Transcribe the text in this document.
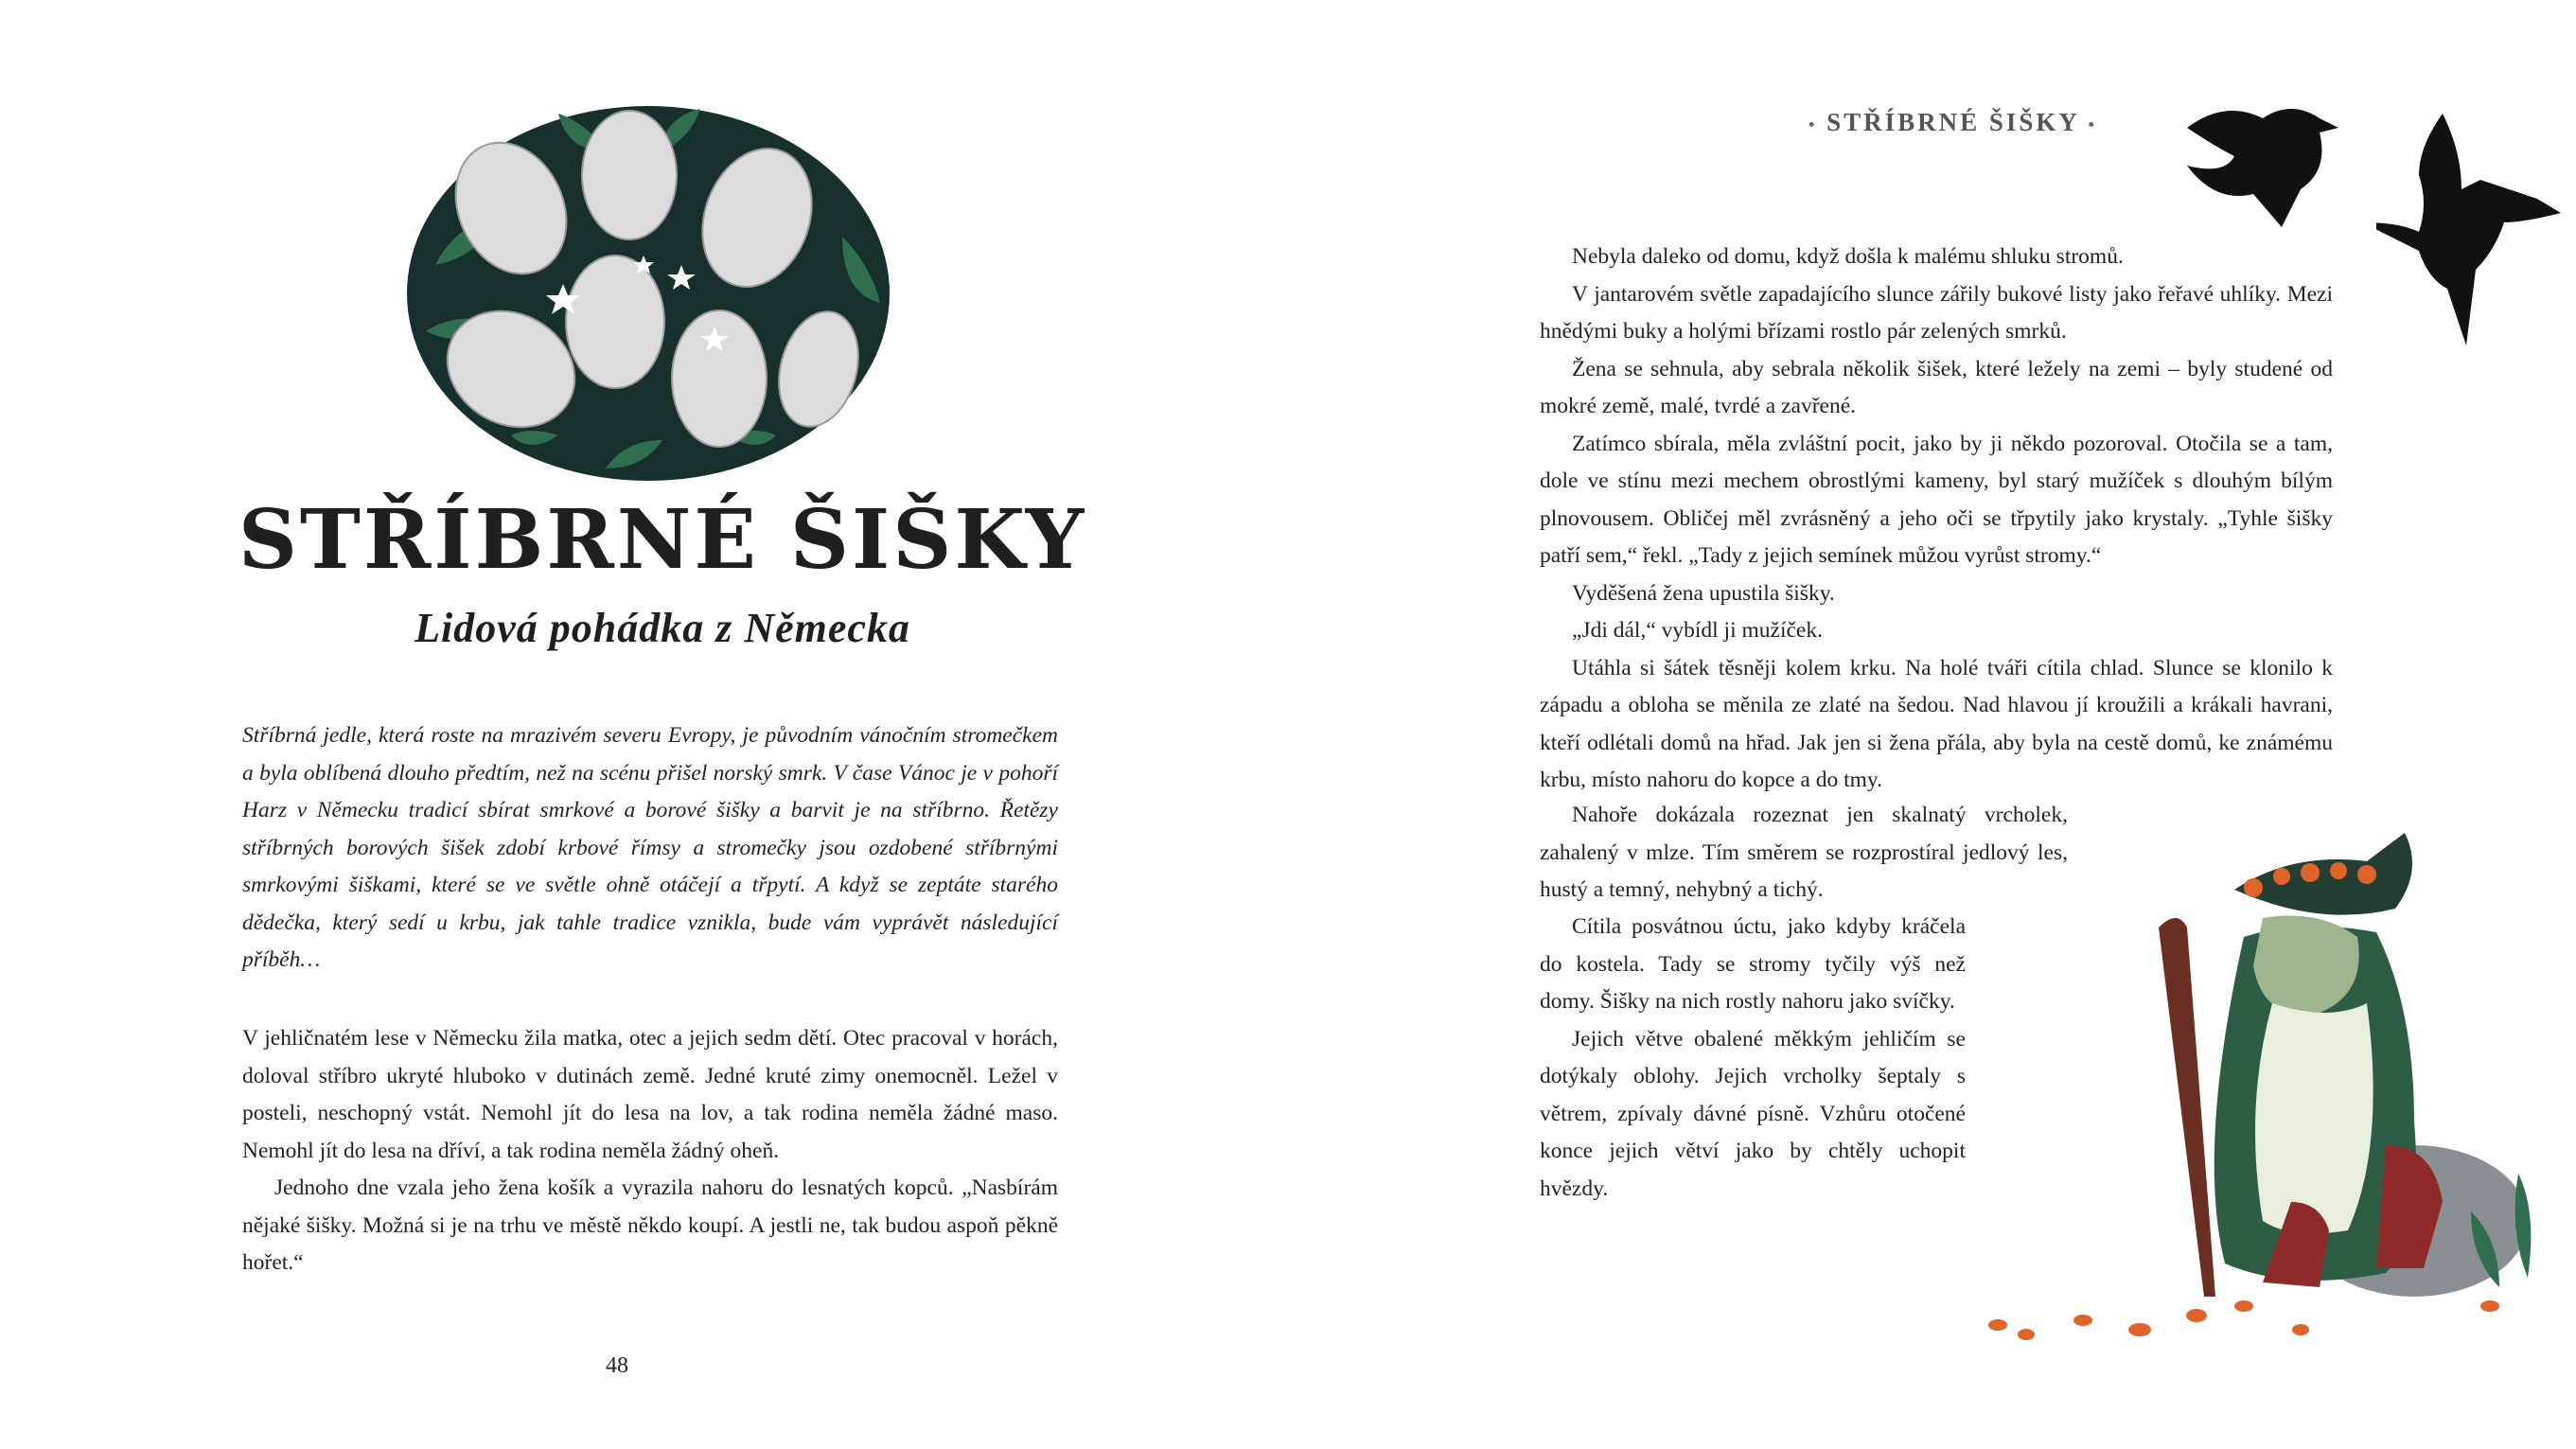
STŘÍBRNÉ ŠIŠKY
Lidová pohádka z Německa

Stříbrná jedle, která roste na mrazivém severu Evropy, je původním vánočním stromečkem a byla oblíbená dlouho předtím, než na scénu přišel norský smrk. V čase Vánoc je v pohoří Harz v Německu tradicí sbírat smrkové a borové šišky a barvit je na stříbrno. Řetězy stříbrných borových šišek zdobí krbové římsy a stromečky jsou ozdobené stříbrnými smrkovými šiškami, které se ve světle ohně otáčejí a třpytí. A když se zeptáte starého dědečka, který sedí u krbu, jak tahle tradice vznikla, bude vám vyprávět následující příběh…

V jehličnatém lese v Německu žila matka, otec a jejich sedm dětí. Otec pracoval v horách, doloval stříbro ukryté hluboko v dutinách země. Jedné kruté zimy onemocněl. Ležel v posteli, neschopný vstát. Nemohl jít do lesa na lov, a tak rodina neměla žádné maso. Nemohl jít do lesa na dříví, a tak rodina neměla žádný oheň.

Jednoho dne vzala jeho žena košík a vyrazila nahoru do lesnatých kopců. „Nasbírám nějaké šišky. Možná si je na trhu ve městě někdo koupí. A jestli ne, tak budou aspoň pěkně hořet.“

48
• STŘÍBRNÉ ŠIŠKY •

Nebyla daleko od domu, když došla k malému shluku stromů.

V jantarovém světle zapadajícího slunce zářily bukové listy jako řeřavé uhlíky. Mezi hnědými buky a holými břízami rostlo pár zelených smrků.

Žena se sehnula, aby sebrala několik šišek, které ležely na zemi – byly studené od mokré země, malé, tvrdé a zavřené.

Zatímco sbírala, měla zvláštní pocit, jako by ji někdo pozoroval. Otočila se a tam, dole ve stínu mezi mechem obrostlými kameny, byl starý mužíček s dlouhým bílým plnovousem. Obličej měl zvrásněný a jeho oči se třpytily jako krystaly. „Tyhle šišky patří sem,“ řekl. „Tady z jejich semínek můžou vyrůst stromy.“

Vyděšená žena upustila šišky.

„Jdi dál,“ vybídl ji mužíček.

Utáhla si šátek těsněji kolem krku. Na holé tváři cítila chlad. Slunce se klonilo k západu a obloha se měnila ze zlaté na šedou. Nad hlavou jí kroužili a krákali havrani, kteří odlétali domů na hřad. Jak jen si žena přála, aby byla na cestě domů, ke známému krbu, místo nahoru do kopce a do tmy.

Nahoře dokázala rozeznat jen skalnatý vrcholek, zahalený v mlze. Tím směrem se rozprostíral jedlový les, hustý a temný, nehybný a tichý.

Cítila posvátnou úctu, jako kdyby kráčela do kostela. Tady se stromy tyčily výš než domy. Šišky na nich rostly nahoru jako svíčky.

Jejich větve obalené měkkým jehličím se dotýkaly oblohy. Jejich vrcholky šeptaly s větrem, zpívaly dávné písně. Vzhůru otočené konce jejich větví jako by chtěly uchopit hvězdy.
